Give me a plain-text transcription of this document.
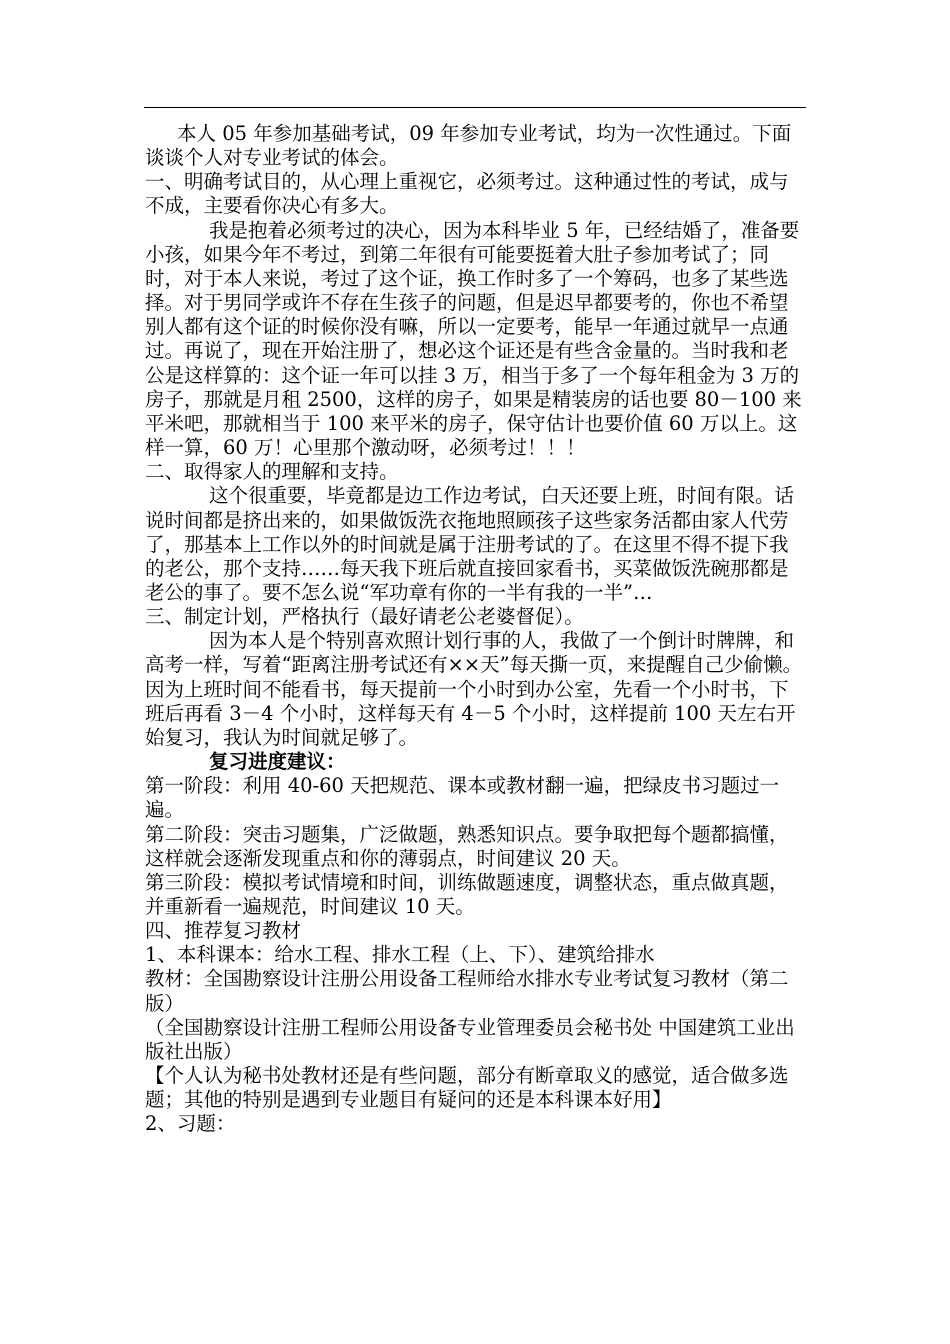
本人 05 年参加基础考试，09 年参加专业考试，均为一次性通过。下面谈谈个人对专业考试的体会。

一、明确考试目的，从心理上重视它，必须考过。这种通过性的考试，成与不成，主要看你决心有多大。

我是抱着必须考过的决心，因为本科毕业 5 年，已经结婚了，准备要小孩，如果今年不考过，到第二年很有可能要挺着大肚子参加考试了；同时，对于本人来说，考过了这个证，换工作时多了一个筹码，也多了某些选择。对于男同学或许不存在生孩子的问题，但是迟早都要考的，你也不希望别人都有这个证的时候你没有嘛，所以一定要考，能早一年通过就早一点通过。再说了，现在开始注册了，想必这个证还是有些含金量的。当时我和老公是这样算的：这个证一年可以挂 3 万，相当于多了一个每年租金为 3 万的房子，那就是月租 2500，这样的房子，如果是精装房的话也要 80－100 来平米吧，那就相当于 100 来平米的房子，保守估计也要价值 60 万以上。这样一算，60 万！心里那个激动呀，必须考过！！！

二、取得家人的理解和支持。

这个很重要，毕竟都是边工作边考试，白天还要上班，时间有限。话说时间都是挤出来的，如果做饭洗衣拖地照顾孩子这些家务活都由家人代劳了，那基本上工作以外的时间就是属于注册考试的了。在这里不得不提下我的老公，那个支持……每天我下班后就直接回家看书，买菜做饭洗碗那都是老公的事了。要不怎么说“军功章有你的一半有我的一半”…

三、制定计划，严格执行（最好请老公老婆督促）。

因为本人是个特别喜欢照计划行事的人，我做了一个倒计时牌牌，和高考一样，写着“距离注册考试还有××天”每天撕一页，来提醒自己少偷懒。因为上班时间不能看书，每天提前一个小时到办公室，先看一个小时书，下班后再看 3－4 个小时，这样每天有 4－5 个小时，这样提前 100 天左右开始复习，我认为时间就足够了。

复习进度建议：

第一阶段：利用 40-60 天把规范、课本或教材翻一遍，把绿皮书习题过一遍。

第二阶段：突击习题集，广泛做题，熟悉知识点。要争取把每个题都搞懂，这样就会逐渐发现重点和你的薄弱点，时间建议 20 天。

第三阶段：模拟考试情境和时间，训练做题速度，调整状态，重点做真题，并重新看一遍规范，时间建议 10 天。

四、推荐复习教材

1、本科课本：给水工程、排水工程（上、下）、建筑给排水

教材：全国勘察设计注册公用设备工程师给水排水专业考试复习教材（第二版）

（全国勘察设计注册工程师公用设备专业管理委员会秘书处 中国建筑工业出版社出版）

【个人认为秘书处教材还是有些问题，部分有断章取义的感觉，适合做多选题；其他的特别是遇到专业题目有疑问的还是本科课本好用】

2、习题：
